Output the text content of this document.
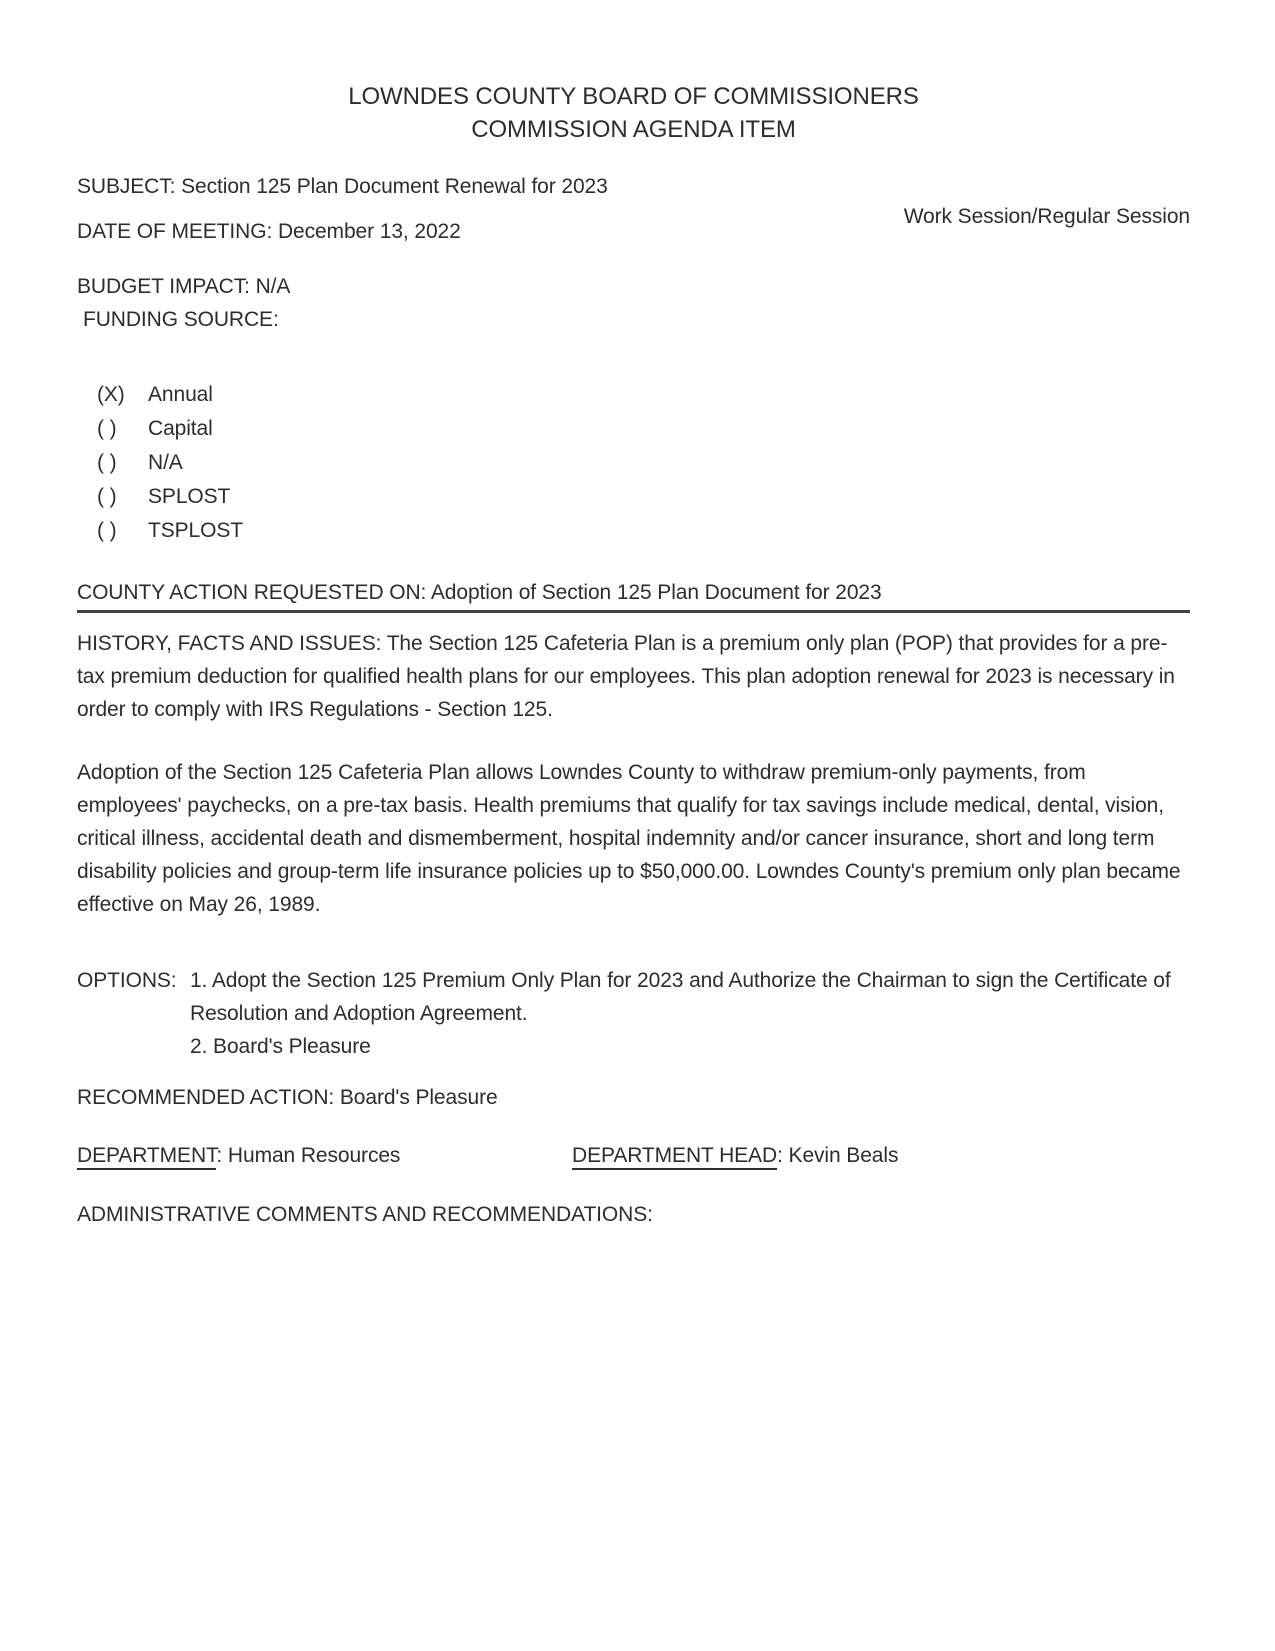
LOWNDES COUNTY BOARD OF COMMISSIONERS
COMMISSION AGENDA ITEM

SUBJECT: Section 125 Plan Document Renewal for 2023

DATE OF MEETING: December 13, 2022

Work Session/Regular Session

BUDGET IMPACT: N/A

FUNDING SOURCE:

(X)	Annual
( )	Capital
( )	N/A
( )	SPLOST
( )	TSPLOST

COUNTY ACTION REQUESTED ON: Adoption of Section 125 Plan Document for 2023

HISTORY, FACTS AND ISSUES: The Section 125 Cafeteria Plan is a premium only plan (POP) that provides for a pre-tax premium deduction for qualified health plans for our employees. This plan adoption renewal for 2023 is necessary in order to comply with IRS Regulations - Section 125.

Adoption of the Section 125 Cafeteria Plan allows Lowndes County to withdraw premium-only payments, from employees' paychecks, on a pre-tax basis. Health premiums that qualify for tax savings include medical, dental, vision, critical illness, accidental death and dismemberment, hospital indemnity and/or cancer insurance, short and long term disability policies and group-term life insurance policies up to $50,000.00. Lowndes County's premium only plan became effective on May 26, 1989.

OPTIONS: 1. Adopt the Section 125 Premium Only Plan for 2023 and Authorize the Chairman to sign the Certificate of Resolution and Adoption Agreement.

2. Board's Pleasure

RECOMMENDED ACTION: Board's Pleasure

DEPARTMENT: Human Resources	DEPARTMENT HEAD: Kevin Beals

ADMINISTRATIVE COMMENTS AND RECOMMENDATIONS:
